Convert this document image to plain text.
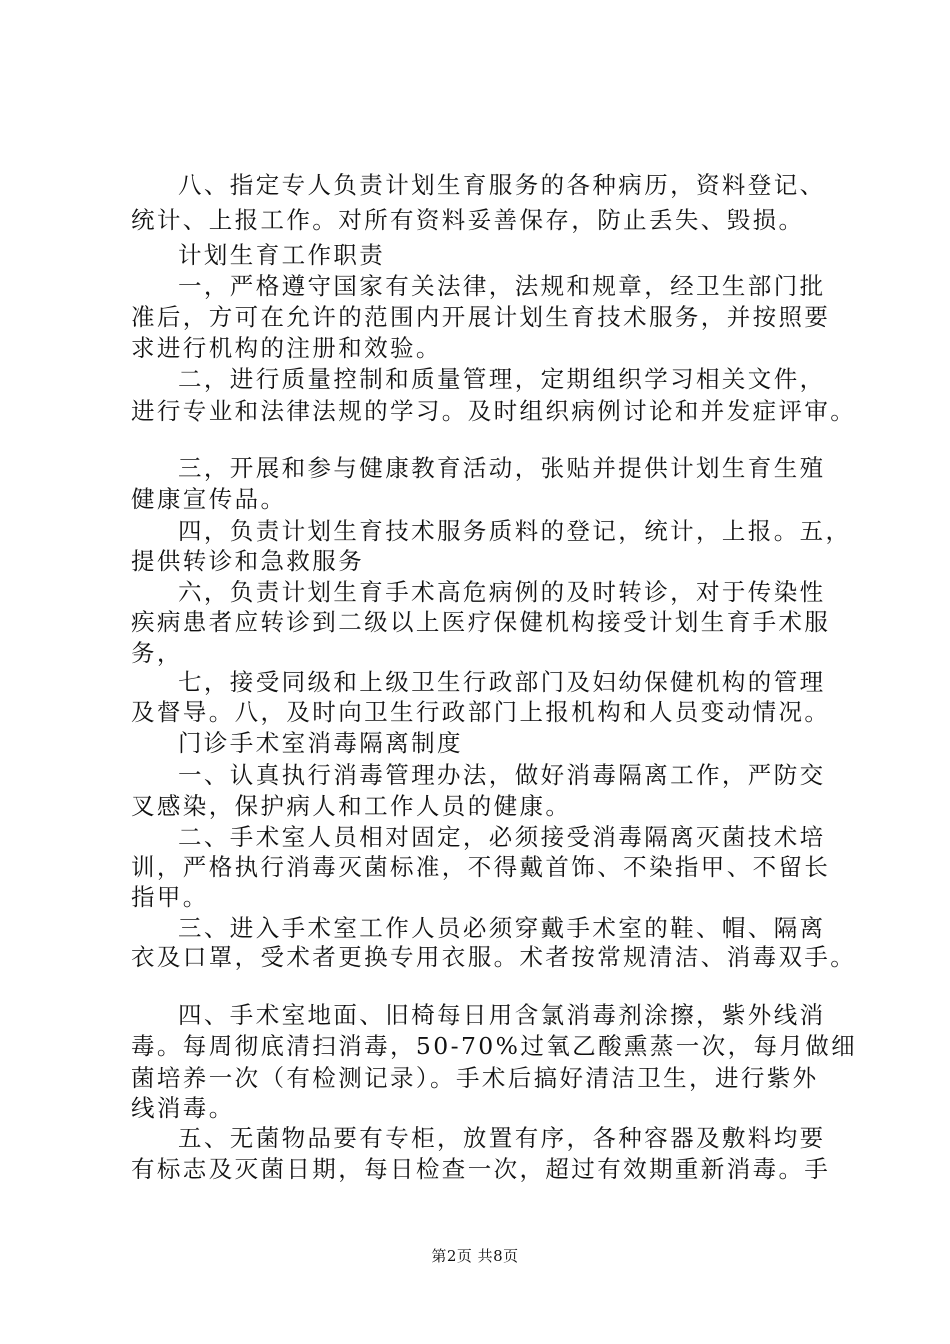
八、指定专人负责计划生育服务的各种病历，资料登记、
统计、上报工作。对所有资料妥善保存，防止丢失、毁损。
计划生育工作职责
一，严格遵守国家有关法律，法规和规章，经卫生部门批
准后，方可在允许的范围内开展计划生育技术服务，并按照要
求进行机构的注册和效验。
二，进行质量控制和质量管理，定期组织学习相关文件，
进行专业和法律法规的学习。及时组织病例讨论和并发症评审。
三，开展和参与健康教育活动，张贴并提供计划生育生殖
健康宣传品。
四，负责计划生育技术服务质料的登记，统计，上报。五，
提供转诊和急救服务
六，负责计划生育手术高危病例的及时转诊，对于传染性
疾病患者应转诊到二级以上医疗保健机构接受计划生育手术服
务，
七，接受同级和上级卫生行政部门及妇幼保健机构的管理
及督导。八，及时向卫生行政部门上报机构和人员变动情况。
门诊手术室消毒隔离制度
一、认真执行消毒管理办法，做好消毒隔离工作，严防交
叉感染，保护病人和工作人员的健康。
二、手术室人员相对固定，必须接受消毒隔离灭菌技术培
训，严格执行消毒灭菌标准，不得戴首饰、不染指甲、不留长
指甲。
三、进入手术室工作人员必须穿戴手术室的鞋、帽、隔离
衣及口罩，受术者更换专用衣服。术者按常规清洁、消毒双手。
四、手术室地面、旧椅每日用含氯消毒剂涂擦，紫外线消
毒。每周彻底清扫消毒，50-70%过氧乙酸熏蒸一次，每月做细
菌培养一次（有检测记录）。手术后搞好清洁卫生，进行紫外
线消毒。
五、无菌物品要有专柜，放置有序，各种容器及敷料均要
有标志及灭菌日期，每日检查一次，超过有效期重新消毒。手
第2页 共8页
